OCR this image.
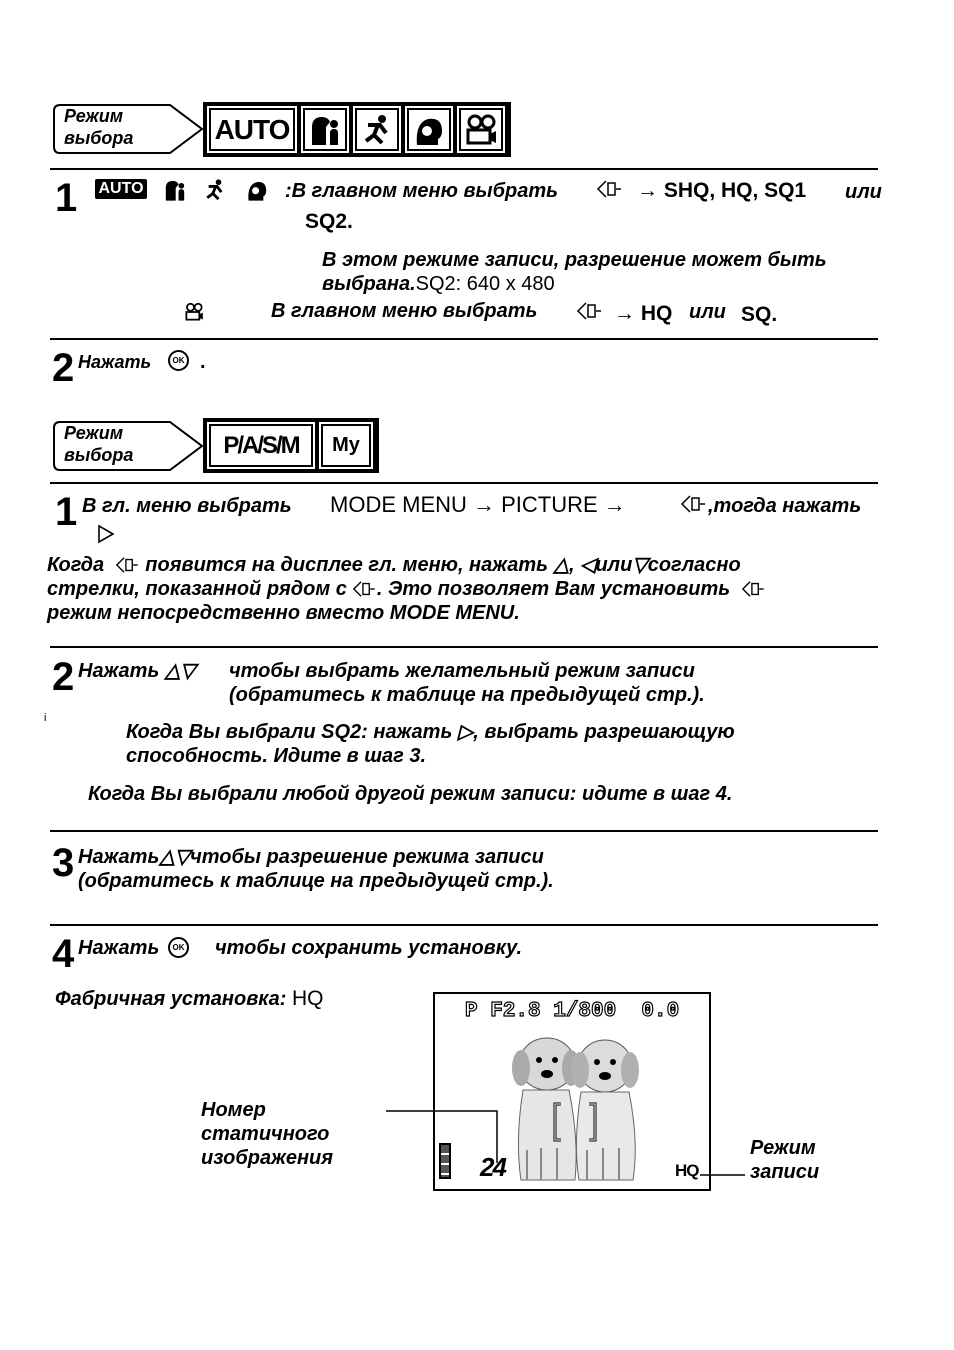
Режим
выбора	AUTO
1 AUTO	:В главном меню выбрать	→ SHQ, HQ, SQ1 или
SQ2.
В этом режиме записи, разрешение может быть
выбрана.SQ2: 640 x 480
В главном меню выбрать	→ HQ или SQ.
2 Нажать	OK .
Режим
выбора	P/A/S/M	My
1 В гл. меню выбрать MODE MENU → PICTURE →	,тогда нажать
Когда появится на дисплее гл. меню, нажать △, ◁или▽согласно
стрелки, показанной рядом с . Это позволяет Вам установить
режим непосредственно вместо MODE MENU.
2 Нажать △▽ чтобы выбрать желательный режим записи
(обратитесь к таблице на предыдущей стр.).
i
Когда Вы выбрали SQ2: нажать ▷, выбрать разрешающую
способность. Идите в шаг 3.
Когда Вы выбрали любой другой режим записи: идите в шаг 4.
3 Нажать△▽чтобы разрешение режима записи
(обратитесь к таблице на предыдущей стр.).
4 Нажать	OK чтобы сохранить установку.
Фабричная установка: HQ
P F2.8 1/800  0.0
24	HQ
Номер
статичного
изображения	Режим
записи
